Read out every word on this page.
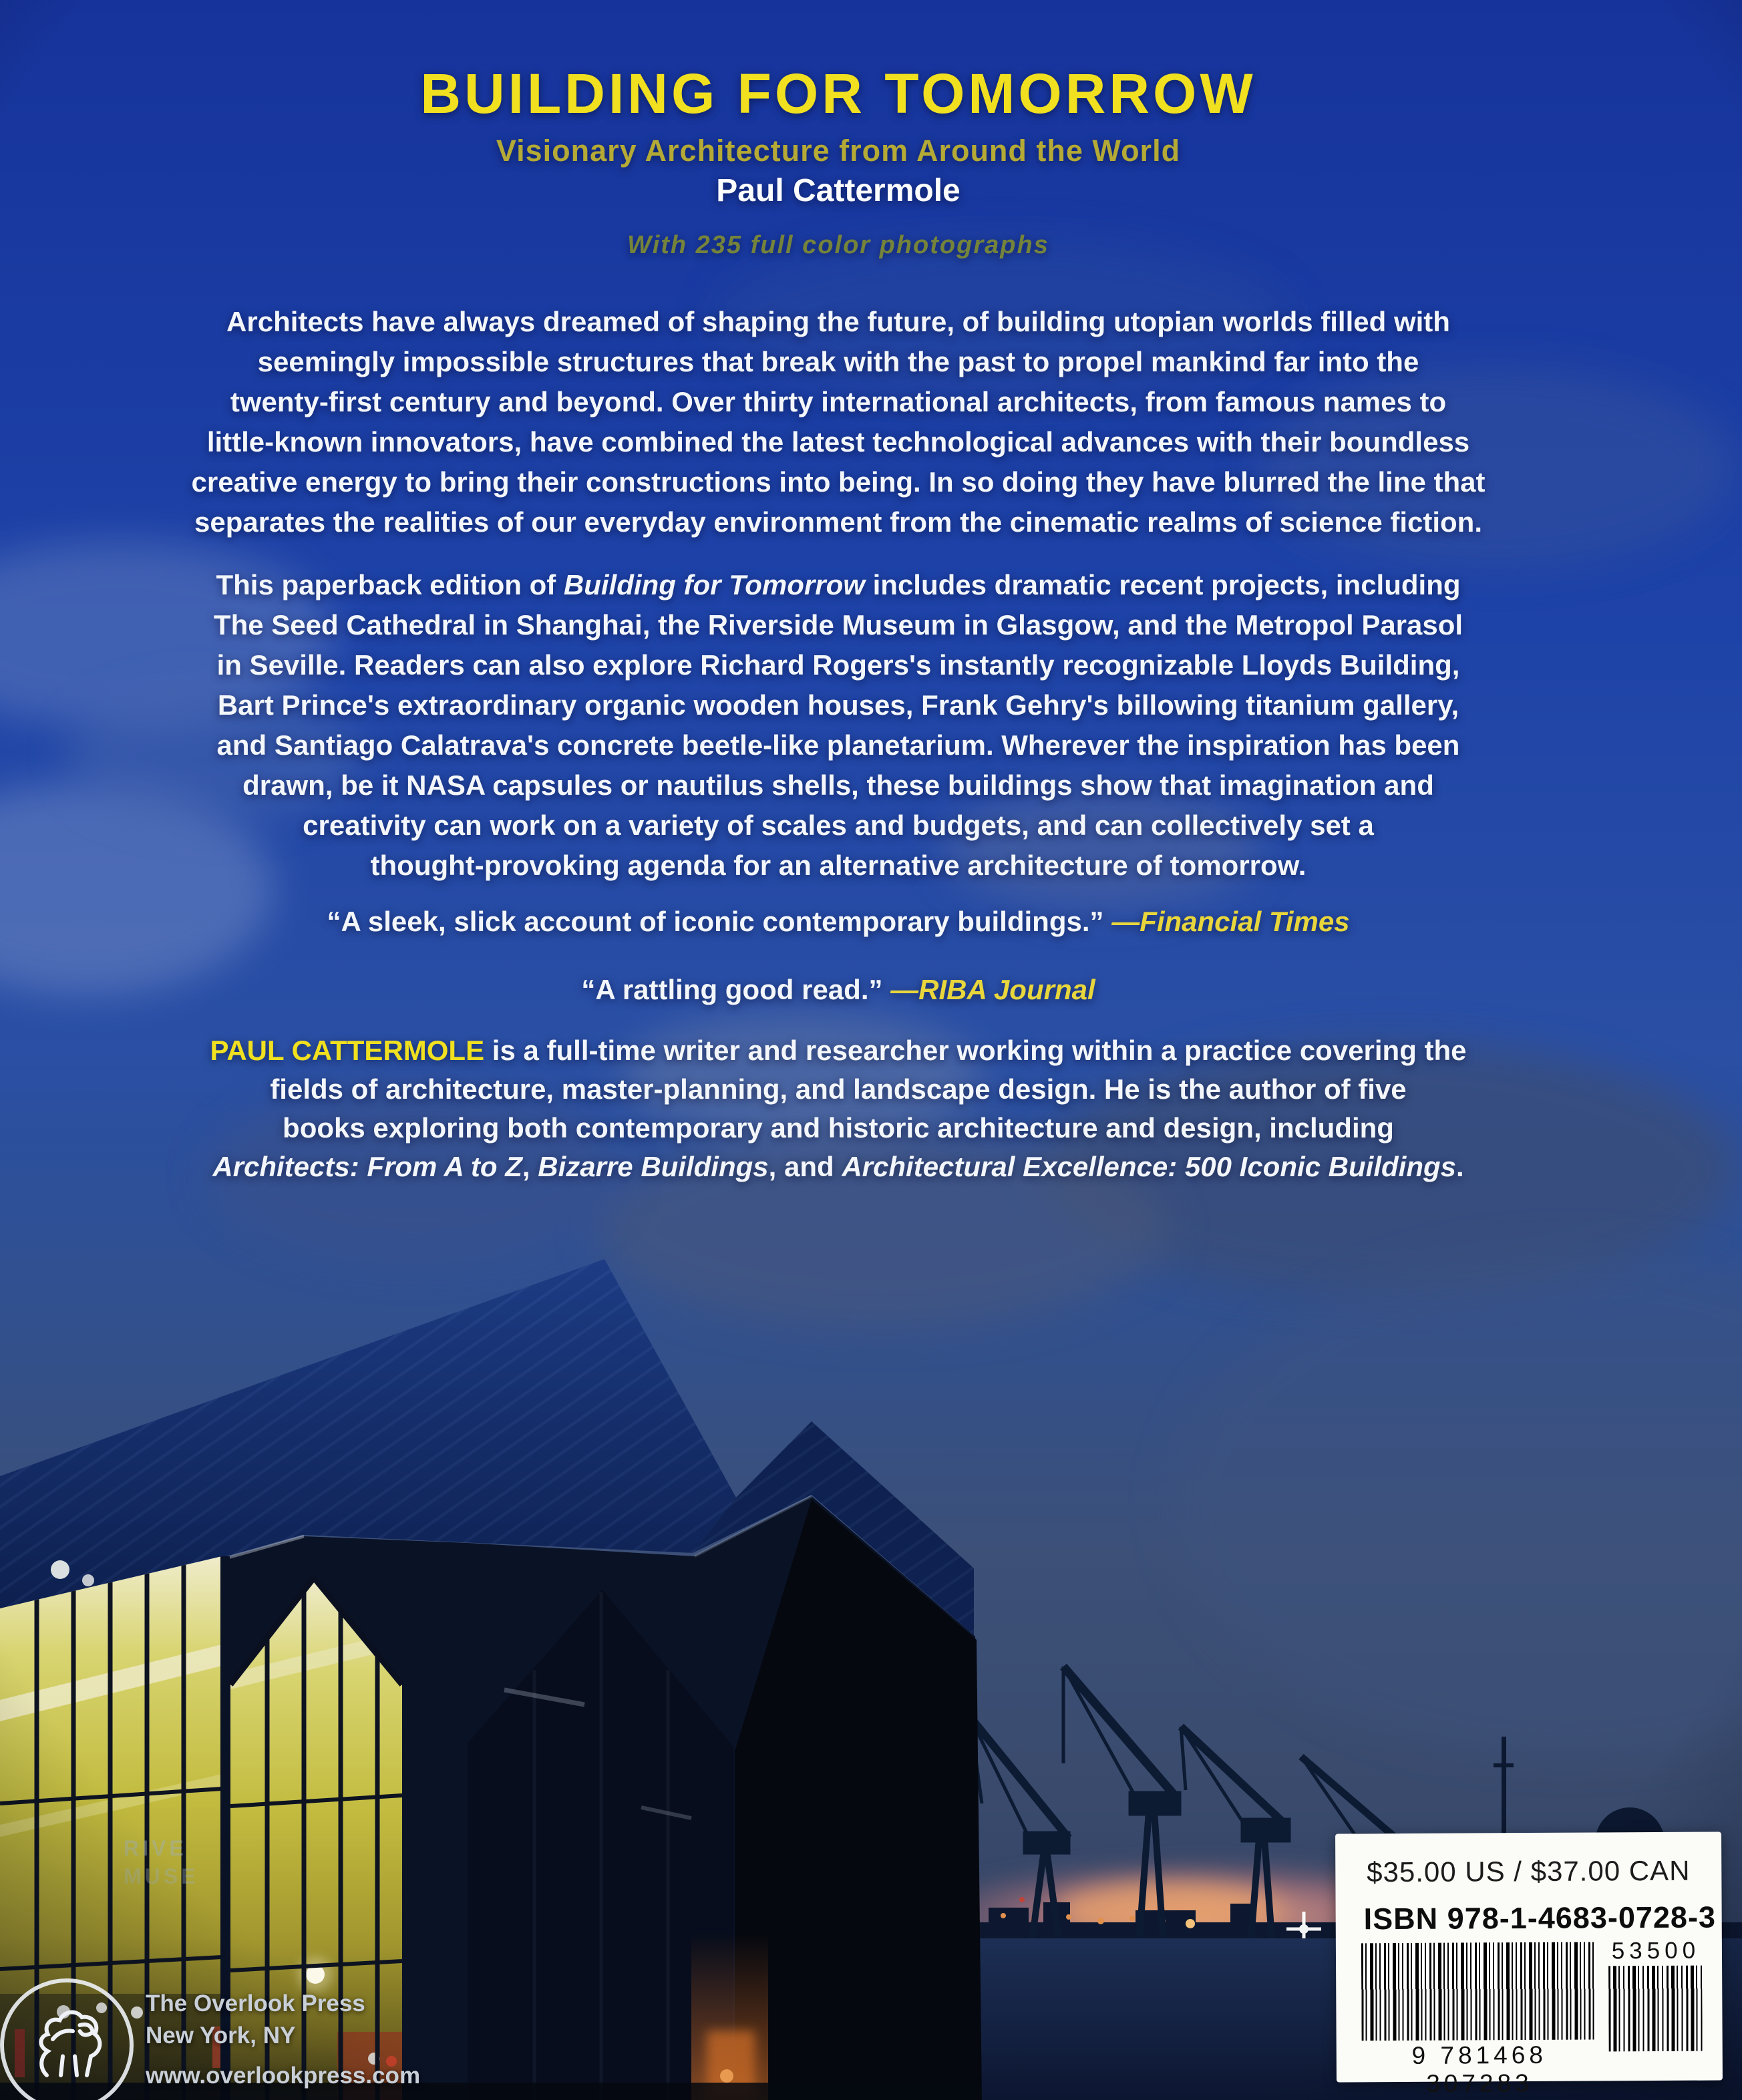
BUILDING FOR TOMORROW
Visionary Architecture from Around the World
Paul Cattermole
With 235 full color photographs
Architects have always dreamed of shaping the future, of building utopian worlds filled with
seemingly impossible structures that break with the past to propel mankind far into the
twenty-first century and beyond. Over thirty international architects, from famous names to
little-known innovators, have combined the latest technological advances with their boundless
creative energy to bring their constructions into being. In so doing they have blurred the line that
separates the realities of our everyday environment from the cinematic realms of science fiction.
This paperback edition of Building for Tomorrow includes dramatic recent projects, including
The Seed Cathedral in Shanghai, the Riverside Museum in Glasgow, and the Metropol Parasol
in Seville. Readers can also explore Richard Rogers's instantly recognizable Lloyds Building,
Bart Prince's extraordinary organic wooden houses, Frank Gehry's billowing titanium gallery,
and Santiago Calatrava's concrete beetle-like planetarium. Wherever the inspiration has been
drawn, be it NASA capsules or nautilus shells, these buildings show that imagination and
creativity can work on a variety of scales and budgets, and can collectively set a
thought-provoking agenda for an alternative architecture of tomorrow.
“A sleek, slick account of iconic contemporary buildings.” —Financial Times
“A rattling good read.” —RIBA Journal
PAUL CATTERMOLE is a full-time writer and researcher working within a practice covering the
fields of architecture, master-planning, and landscape design. He is the author of five
books exploring both contemporary and historic architecture and design, including
Architects: From A to Z, Bizarre Buildings, and Architectural Excellence: 500 Iconic Buildings.
The Overlook Press
New York, NY
www.overlookpress.com
$35.00 US / $37.00 CAN
ISBN 978-1-4683-0728-3
9 781468 307283
53500
